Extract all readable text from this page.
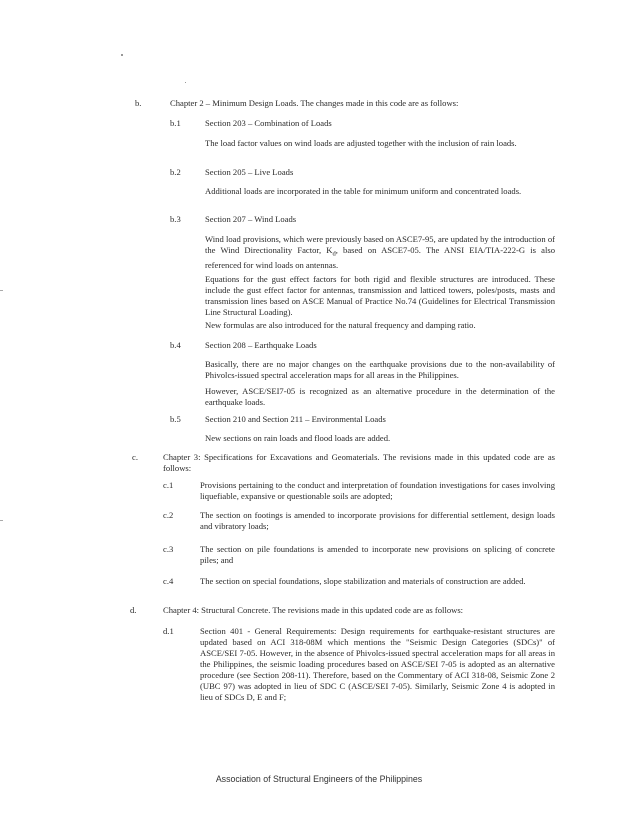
b.	Chapter 2 – Minimum Design Loads. The changes made in this code are as follows:
b.1	Section 203 – Combination of Loads
The load factor values on wind loads are adjusted together with the inclusion of rain loads.
b.2	Section 205 – Live Loads
Additional loads are incorporated in the table for minimum uniform and concentrated loads.
b.3	Section 207 – Wind Loads
Wind load provisions, which were previously based on ASCE7-95, are updated by the introduction of the Wind Directionality Factor, $K_d$, based on ASCE7-05. The ANSI EIA/TIA-222-G is also referenced for wind loads on antennas.
Equations for the gust effect factors for both rigid and flexible structures are introduced. These include the gust effect factor for antennas, transmission and latticed towers, poles/posts, masts and transmission lines based on ASCE Manual of Practice No.74 (Guidelines for Electrical Transmission Line Structural Loading).
New formulas are also introduced for the natural frequency and damping ratio.
b.4	Section 208 – Earthquake Loads
Basically, there are no major changes on the earthquake provisions due to the non-availability of Phivolcs-issued spectral acceleration maps for all areas in the Philippines.
However, ASCE/SEI7-05 is recognized as an alternative procedure in the determination of the earthquake loads.
b.5	Section 210 and Section 211 – Environmental Loads
New sections on rain loads and flood loads are added.
c.	Chapter 3: Specifications for Excavations and Geomaterials. The revisions made in this updated code are as follows:
c.1	Provisions pertaining to the conduct and interpretation of foundation investigations for cases involving liquefiable, expansive or questionable soils are adopted;
c.2	The section on footings is amended to incorporate provisions for differential settlement, design loads and vibratory loads;
c.3	The section on pile foundations is amended to incorporate new provisions on splicing of concrete piles; and
c.4	The section on special foundations, slope stabilization and materials of construction are added.
d.	Chapter 4: Structural Concrete. The revisions made in this updated code are as follows:
d.1	Section 401 - General Requirements: Design requirements for earthquake-resistant structures are updated based on ACI 318-08M which mentions the "Seismic Design Categories (SDCs)" of ASCE/SEI 7-05. However, in the absence of Phivolcs-issued spectral acceleration maps for all areas in the Philippines, the seismic loading procedures based on ASCE/SEI 7-05 is adopted as an alternative procedure (see Section 208-11). Therefore, based on the Commentary of ACI 318-08, Seismic Zone 2 (UBC 97) was adopted in lieu of SDC C (ASCE/SEI 7-05). Similarly, Seismic Zone 4 is adopted in lieu of SDCs D, E and F;
Association of Structural Engineers of the Philippines
